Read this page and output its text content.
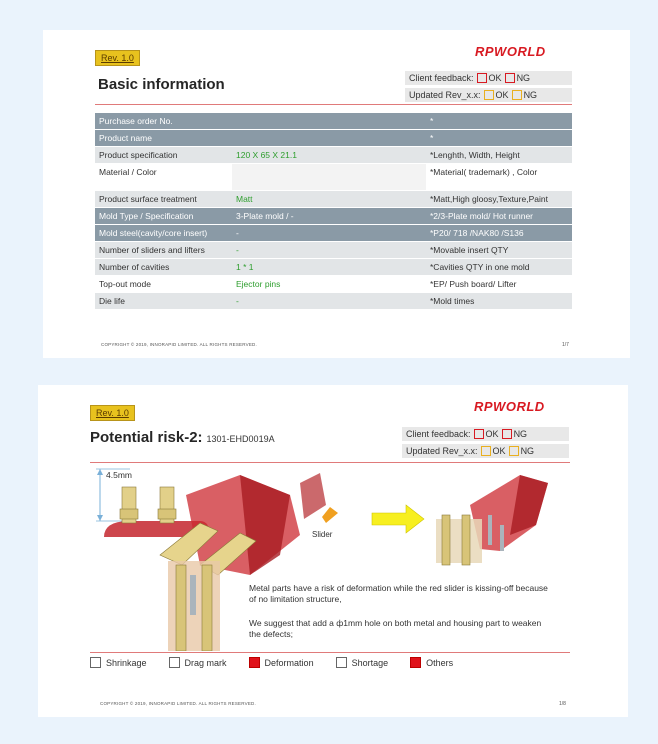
Rev. 1.0	RPWORLD
Basic information	Client feedback: OK NG
Updated Rev_x.x: OK NG
Purchase order No.		*
Product name		*
Product specification	120 X 65 X 21.1	*Lenghth, Width, Height
Material / Color		*Material( trademark) , Color
Product surface treatment	Matt	*Matt,High gloosy,Texture,Paint
Mold Type / Specification	3-Plate mold / -	*2/3-Plate mold/ Hot runner
Mold steel(cavity/core insert)	-	*P20/ 718 /NAK80 /S136
Number of sliders and lifters	-	*Movable insert QTY
Number of cavities	1 * 1	*Cavities QTY in one mold
Top-out mode	Ejector pins	*EP/ Push board/ Lifter
Die life	-	*Mold times
COPYRIGHT © 2019, INNORAPID LIMITED. ALL RIGHTS RESERVED.	1/7
Rev. 1.0	RPWORLD
Potential risk-2: 1301-EHD0019A	Client feedback: OK NG
Updated Rev_x.x: OK NG
4.5mm
Slider
Metal parts have a risk of deformation while the red slider is kissing-off because of no limitation structure,
We suggest that add a ф1mm hole on both metal and housing part to weaken the defects;
Shrinkage	Drag mark	Deformation	Shortage	Others
COPYRIGHT © 2019, INNORAPID LIMITED. ALL RIGHTS RESERVED.	1/8
